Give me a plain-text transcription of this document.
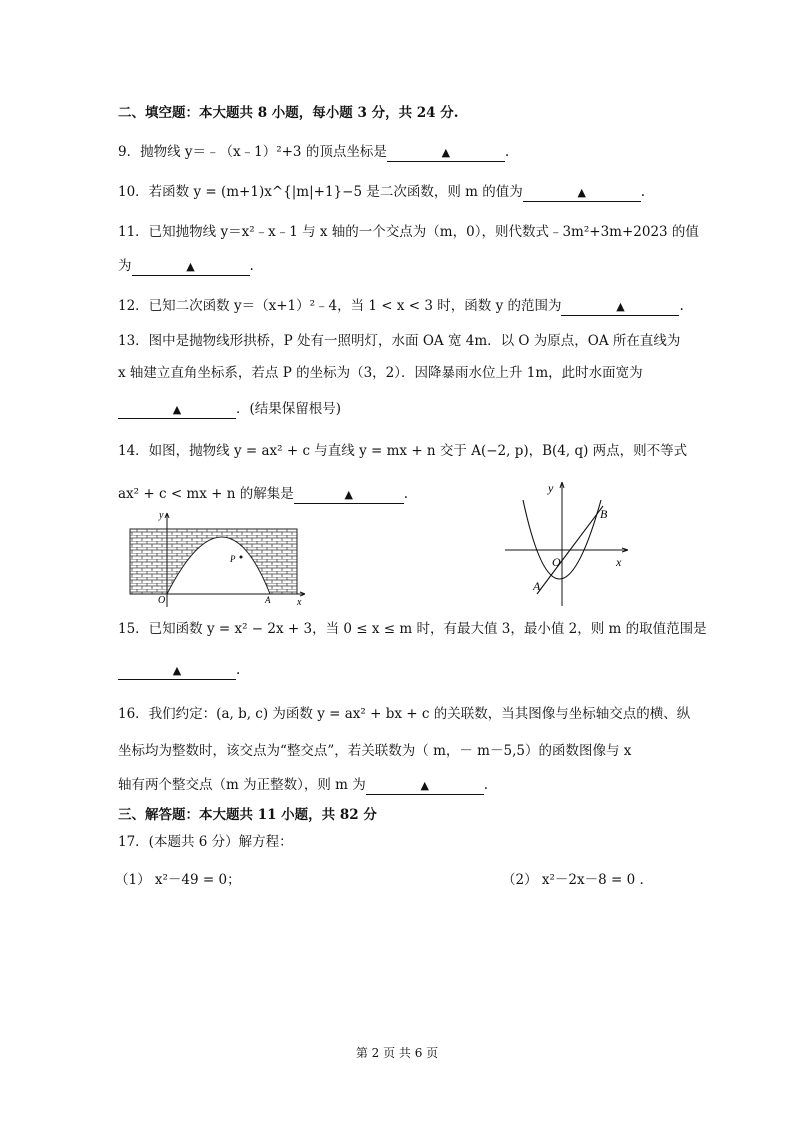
二、填空题：本大题共 8 小题，每小题 3 分，共 24 分.
9．抛物线 y＝﹣（x﹣1）²+3 的顶点坐标是	▲	.
10．若函数 y = (m+1)x^{|m|+1}−5 是二次函数，则 m 的值为	▲	.
11．已知抛物线 y＝x²﹣x﹣1 与 x 轴的一个交点为（m，0），则代数式﹣3m²+3m+2023 的值
为	▲	.
12．已知二次函数 y＝（x+1）²﹣4，当 1 < x < 3 时，函数 y 的范围为	▲	.
13．图中是抛物线形拱桥，P 处有一照明灯，水面 OA 宽 4m．以 O 为原点，OA 所在直线为
x 轴建立直角坐标系，若点 P 的坐标为（3，2）．因降暴雨水位上升 1m，此时水面宽为
▲	．(结果保留根号)
14．如图，抛物线 y = ax² + c 与直线 y = mx + n 交于 A(−2, p)，B(4, q) 两点，则不等式
ax² + c < mx + n 的解集是	▲	.
y
O	A	x
P
y
O	x
A
B
15．已知函数 y = x² − 2x + 3，当 0 ≤ x ≤ m 时，有最大值 3，最小值 2，则 m 的取值范围是
▲	.
16．我们约定：(a, b, c) 为函数 y = ax² + bx + c 的关联数，当其图像与坐标轴交点的横、纵
坐标均为整数时，该交点为“整交点”，若关联数为（ m，－ m－5,5）的函数图像与 x
轴有两个整交点（m 为正整数），则 m 为	▲	.
三、解答题：本大题共 11 小题，共 82 分
17．(本题共 6 分）解方程：
（1） x²－49 = 0；	（2） x²－2x－8 = 0 .
第 2 页 共 6 页
